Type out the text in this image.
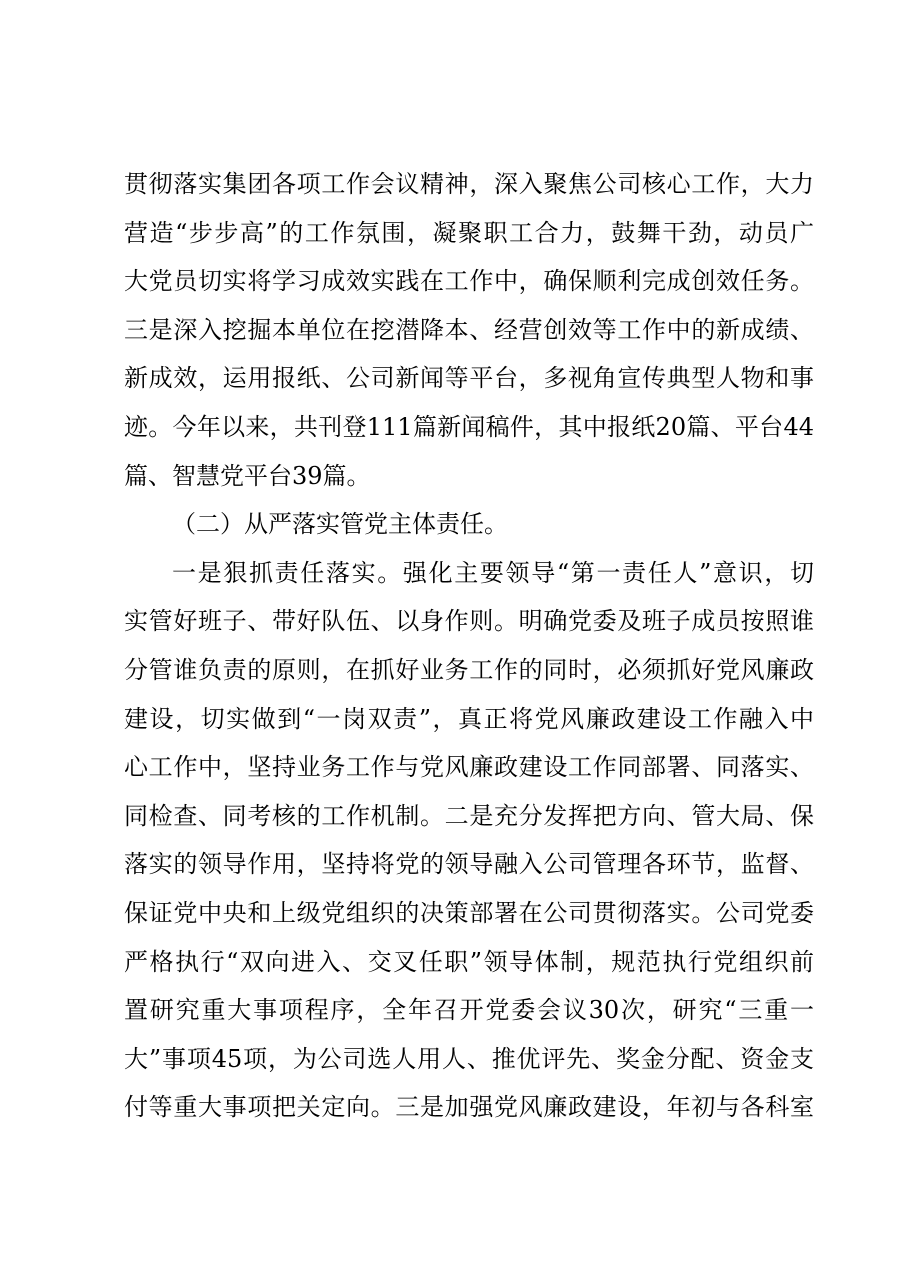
贯彻落实集团各项工作会议精神，深入聚焦公司核心工作，大力
营造“步步高”的工作氛围，凝聚职工合力，鼓舞干劲，动员广
大党员切实将学习成效实践在工作中，确保顺利完成创效任务。
三是深入挖掘本单位在挖潜降本、经营创效等工作中的新成绩、
新成效，运用报纸、公司新闻等平台，多视角宣传典型人物和事
迹。今年以来，共刊登111篇新闻稿件，其中报纸20篇、平台44
篇、智慧党平台39篇。
（二）从严落实管党主体责任。
一是狠抓责任落实。强化主要领导“第一责任人”意识，切
实管好班子、带好队伍、以身作则。明确党委及班子成员按照谁
分管谁负责的原则，在抓好业务工作的同时，必须抓好党风廉政
建设，切实做到“一岗双责”，真正将党风廉政建设工作融入中
心工作中，坚持业务工作与党风廉政建设工作同部署、同落实、
同检查、同考核的工作机制。二是充分发挥把方向、管大局、保
落实的领导作用，坚持将党的领导融入公司管理各环节，监督、
保证党中央和上级党组织的决策部署在公司贯彻落实。公司党委
严格执行“双向进入、交叉任职”领导体制，规范执行党组织前
置研究重大事项程序，全年召开党委会议30次，研究“三重一
大”事项45项，为公司选人用人、推优评先、奖金分配、资金支
付等重大事项把关定向。三是加强党风廉政建设，年初与各科室
